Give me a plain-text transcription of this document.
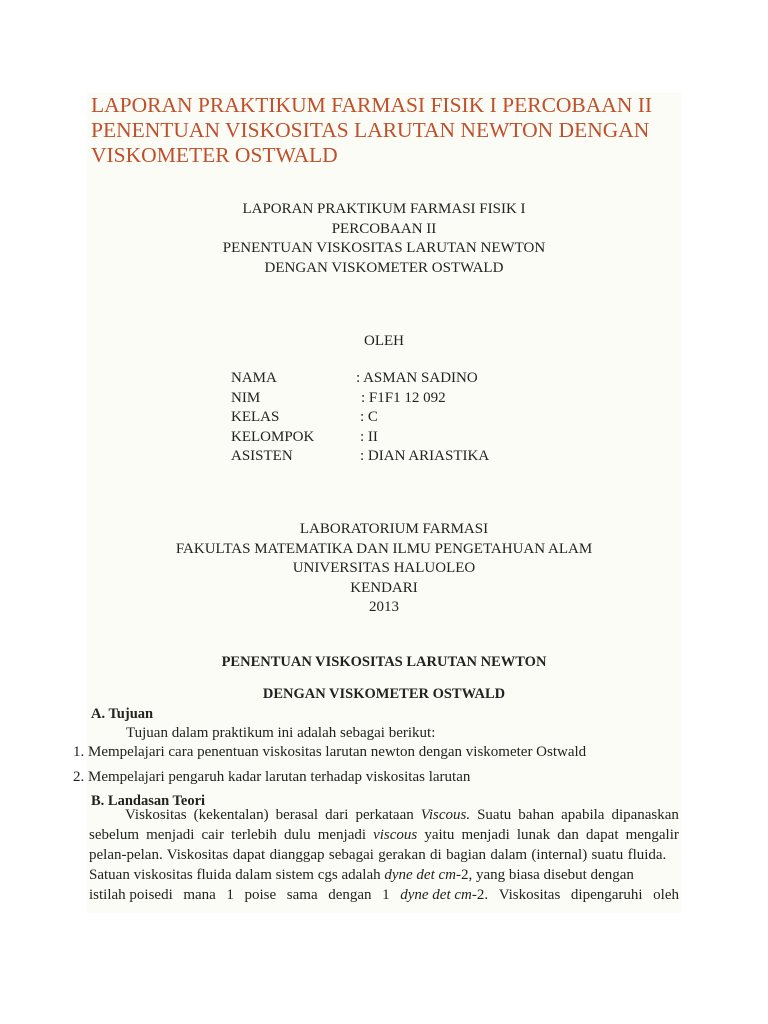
LAPORAN PRAKTIKUM FARMASI FISIK I PERCOBAAN II
PENENTUAN VISKOSITAS LARUTAN NEWTON DENGAN
VISKOMETER OSTWALD
LAPORAN PRAKTIKUM FARMASI FISIK I
PERCOBAAN II
PENENTUAN VISKOSITAS LARUTAN NEWTON
DENGAN VISKOMETER OSTWALD
OLEH
NAMA	: ASMAN SADINO
NIM	: F1F1 12 092
KELAS	: C
KELOMPOK	: II
ASISTEN	: DIAN ARIASTIKA
LABORATORIUM FARMASI
FAKULTAS MATEMATIKA DAN ILMU PENGETAHUAN ALAM
UNIVERSITAS HALUOLEO
KENDARI
2013
PENENTUAN VISKOSITAS LARUTAN NEWTON
DENGAN VISKOMETER OSTWALD
A. Tujuan
Tujuan dalam praktikum ini adalah sebagai berikut:
1. Mempelajari cara penentuan viskositas larutan newton dengan viskometer Ostwald
2. Mempelajari pengaruh kadar larutan terhadap viskositas larutan
B. Landasan Teori
Viskositas (kekentalan) berasal dari perkataan Viscous. Suatu bahan apabila dipanaskan
sebelum menjadi cair terlebih dulu menjadi viscous yaitu menjadi lunak dan dapat mengalir
pelan-pelan. Viskositas dapat dianggap sebagai gerakan di bagian dalam (internal) suatu fluida.
Satuan viskositas fluida dalam sistem cgs adalah dyne det cm-2, yang biasa disebut dengan
istilah poisedi mana 1 poise sama dengan 1 dyne det cm-2. Viskositas dipengaruhi oleh
